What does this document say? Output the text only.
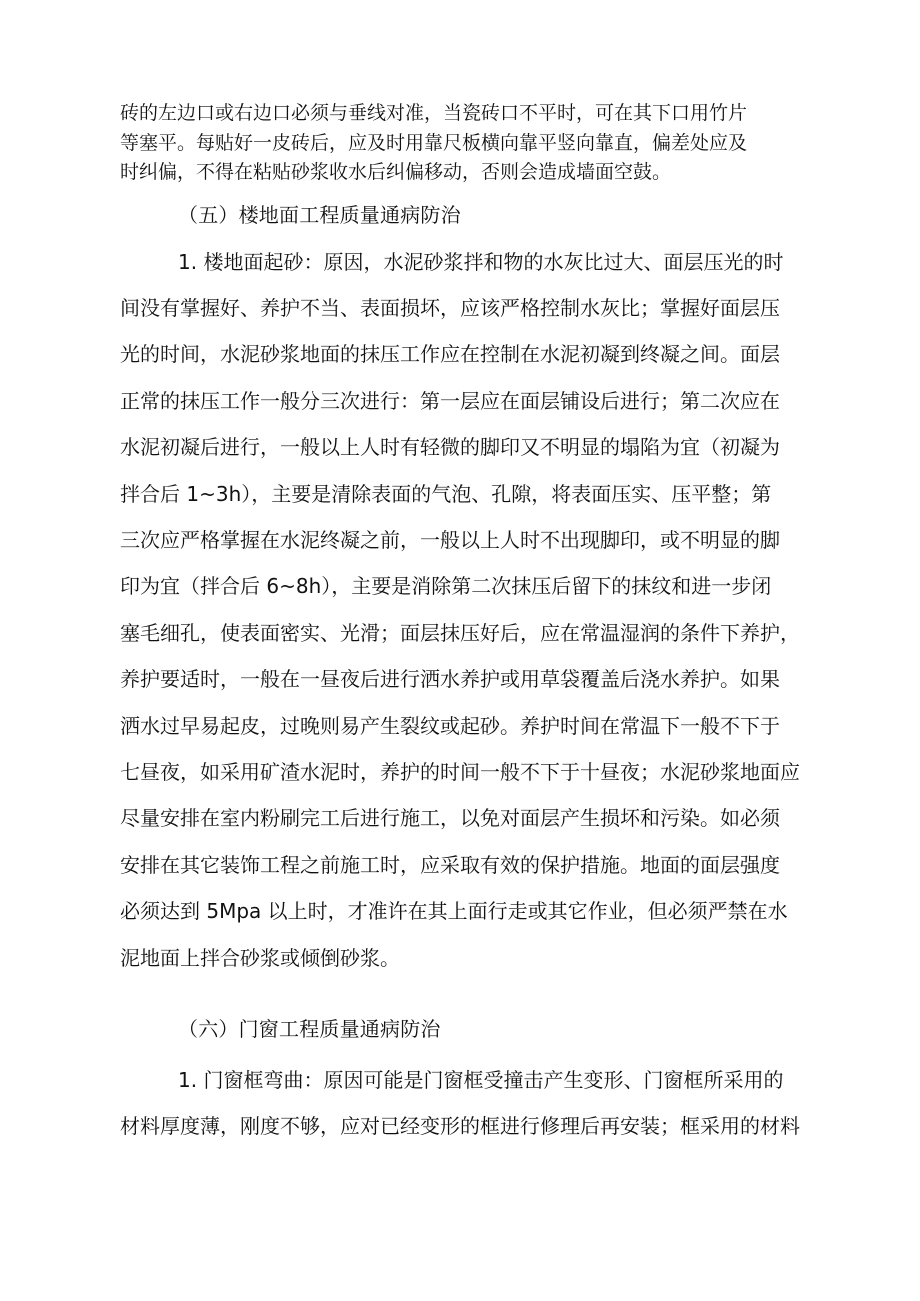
砖的左边口或右边口必须与垂线对准，当瓷砖口不平时，可在其下口用竹片
等塞平。每贴好一皮砖后，应及时用靠尺板横向靠平竖向靠直，偏差处应及
时纠偏，不得在粘贴砂浆收水后纠偏移动，否则会造成墙面空鼓。
（五）楼地面工程质量通病防治
1. 楼地面起砂：原因，水泥砂浆拌和物的水灰比过大、面层压光的时
间没有掌握好、养护不当、表面损坏，应该严格控制水灰比；掌握好面层压
光的时间，水泥砂浆地面的抹压工作应在控制在水泥初凝到终凝之间。面层
正常的抹压工作一般分三次进行：第一层应在面层铺设后进行；第二次应在
水泥初凝后进行，一般以上人时有轻微的脚印又不明显的塌陷为宜（初凝为
拌合后 1~3h），主要是清除表面的气泡、孔隙，将表面压实、压平整；第
三次应严格掌握在水泥终凝之前，一般以上人时不出现脚印，或不明显的脚
印为宜（拌合后 6~8h），主要是消除第二次抹压后留下的抹纹和进一步闭
塞毛细孔，使表面密实、光滑；面层抹压好后，应在常温湿润的条件下养护，
养护要适时，一般在一昼夜后进行洒水养护或用草袋覆盖后浇水养护。如果
洒水过早易起皮，过晚则易产生裂纹或起砂。养护时间在常温下一般不下于
七昼夜，如采用矿渣水泥时，养护的时间一般不下于十昼夜；水泥砂浆地面应
尽量安排在室内粉刷完工后进行施工，以免对面层产生损坏和污染。如必须
安排在其它装饰工程之前施工时，应采取有效的保护措施。地面的面层强度
必须达到 5Mpa 以上时，才准许在其上面行走或其它作业，但必须严禁在水
泥地面上拌合砂浆或倾倒砂浆。
（六）门窗工程质量通病防治
1. 门窗框弯曲：原因可能是门窗框受撞击产生变形、门窗框所采用的
材料厚度薄，刚度不够，应对已经变形的框进行修理后再安装；框采用的材料
